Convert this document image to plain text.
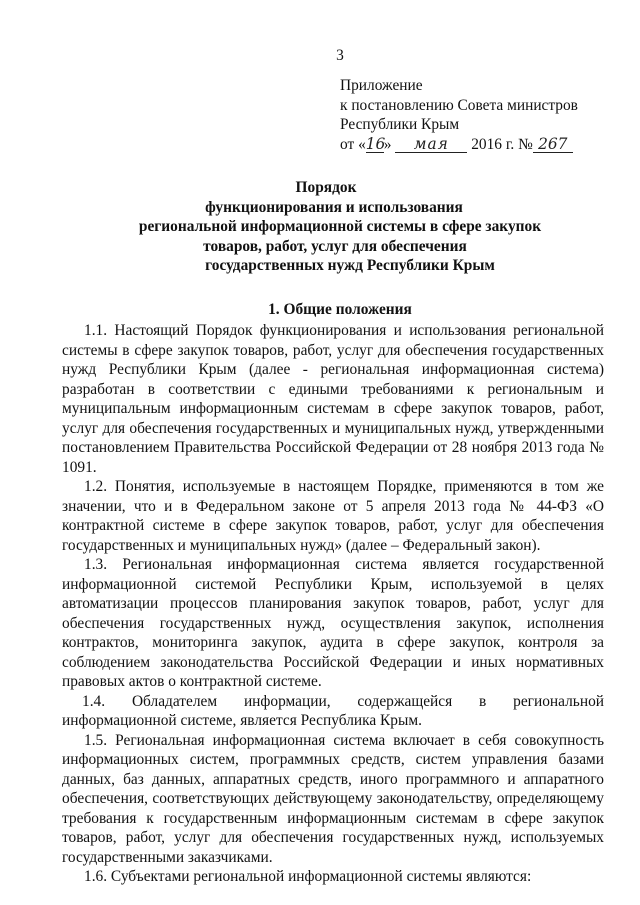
3
Приложение
к постановлению Совета министров
Республики Крым
от «16» мая 2016 г. № 267
Порядок
функционирования и использования
региональной информационной системы в сфере закупок
товаров, работ, услуг для обеспечения
государственных нужд Республики Крым
1. Общие положения

1.1. Настоящий Порядок функционирования и использования региональной системы в сфере закупок товаров, работ, услуг для обеспечения государственных нужд Республики Крым (далее - региональная информационная система) разработан в соответствии с едиными требованиями к региональным и муниципальным информационным системам в сфере закупок товаров, работ, услуг для обеспечения государственных и муниципальных нужд, утвержденными постановлением Правительства Российской Федерации от 28 ноября 2013 года № 1091.

1.2. Понятия, используемые в настоящем Порядке, применяются в том же значении, что и в Федеральном законе от 5 апреля 2013 года № 44-ФЗ «О контрактной системе в сфере закупок товаров, работ, услуг для обеспечения государственных и муниципальных нужд» (далее – Федеральный закон).

1.3. Региональная информационная система является государственной информационной системой Республики Крым, используемой в целях автоматизации процессов планирования закупок товаров, работ, услуг для обеспечения государственных нужд, осуществления закупок, исполнения контрактов, мониторинга закупок, аудита в сфере закупок, контроля за соблюдением законодательства Российской Федерации и иных нормативных правовых актов о контрактной системе.

1.4. Обладателем информации, содержащейся в региональной информационной системе, является Республика Крым.

1.5. Региональная информационная система включает в себя совокупность информационных систем, программных средств, систем управления базами данных, баз данных, аппаратных средств, иного программного и аппаратного обеспечения, соответствующих действующему законодательству, определяющему требования к государственным информационным системам в сфере закупок товаров, работ, услуг для обеспечения государственных нужд, используемых государственными заказчиками.

1.6. Субъектами региональной информационной системы являются:
